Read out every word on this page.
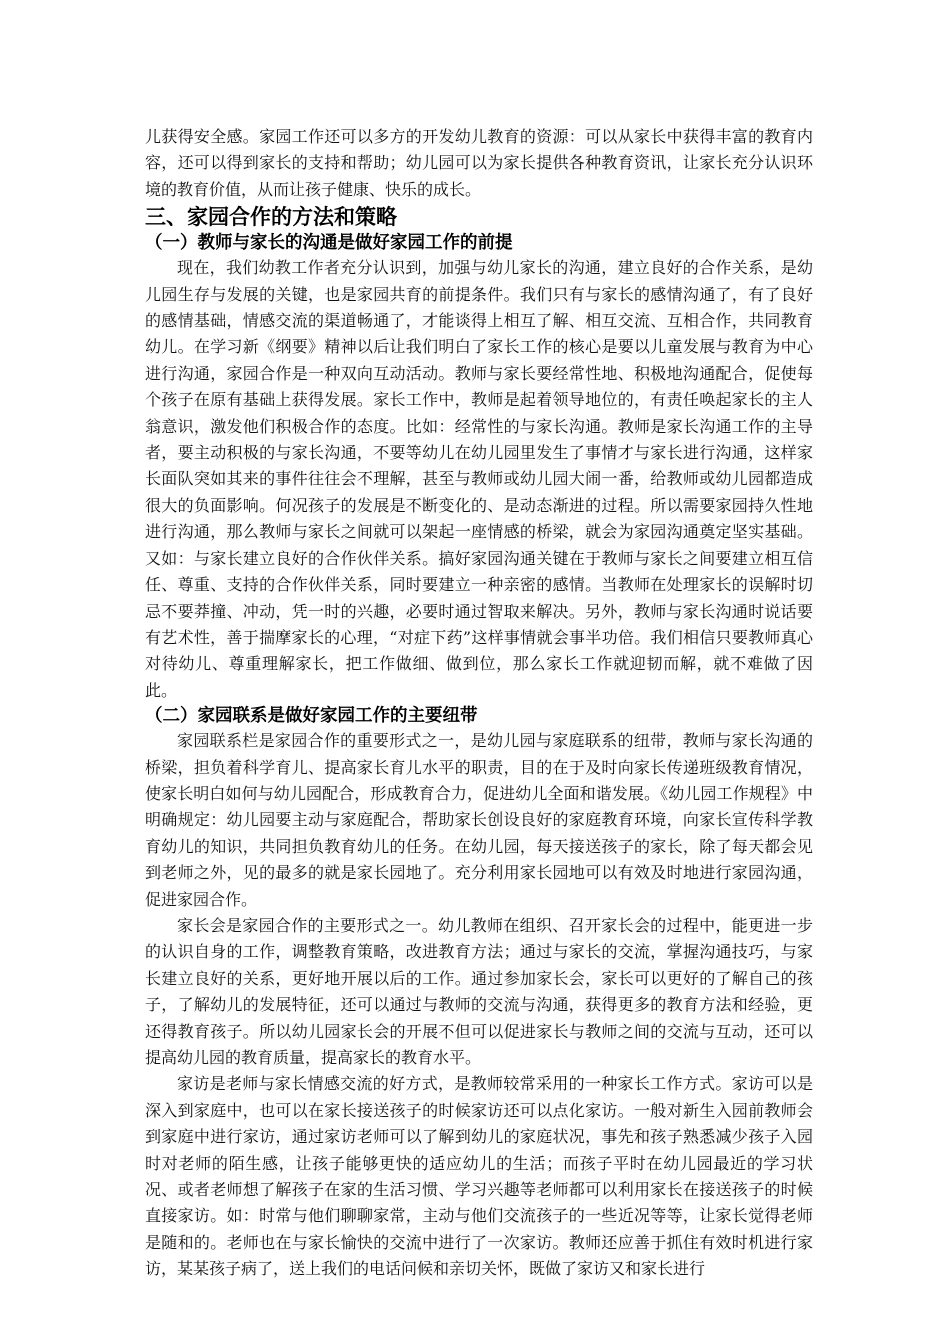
儿获得安全感。家园工作还可以多方的开发幼儿教育的资源：可以从家长中获得丰富的教育内容，还可以得到家长的支持和帮助；幼儿园可以为家长提供各种教育资讯，让家长充分认识环境的教育价值，从而让孩子健康、快乐的成长。

三、家园合作的方法和策略
（一）教师与家长的沟通是做好家园工作的前提

现在，我们幼教工作者充分认识到，加强与幼儿家长的沟通，建立良好的合作关系，是幼儿园生存与发展的关键，也是家园共育的前提条件。我们只有与家长的感情沟通了，有了良好的感情基础，情感交流的渠道畅通了，才能谈得上相互了解、相互交流、互相合作，共同教育幼儿。在学习新《纲要》精神以后让我们明白了家长工作的核心是要以儿童发展与教育为中心进行沟通，家园合作是一种双向互动活动。教师与家长要经常性地、积极地沟通配合，促使每个孩子在原有基础上获得发展。家长工作中，教师是起着领导地位的，有责任唤起家长的主人翁意识，激发他们积极合作的态度。比如：经常性的与家长沟通。教师是家长沟通工作的主导者，要主动积极的与家长沟通，不要等幼儿在幼儿园里发生了事情才与家长进行沟通，这样家长面队突如其来的事件往往会不理解，甚至与教师或幼儿园大闹一番，给教师或幼儿园都造成很大的负面影响。何况孩子的发展是不断变化的、是动态渐进的过程。所以需要家园持久性地进行沟通，那么教师与家长之间就可以架起一座情感的桥梁，就会为家园沟通奠定坚实基础。又如：与家长建立良好的合作伙伴关系。搞好家园沟通关键在于教师与家长之间要建立相互信任、尊重、支持的合作伙伴关系，同时要建立一种亲密的感情。当教师在处理家长的误解时切忌不要莽撞、冲动，凭一时的兴趣，必要时通过智取来解决。另外，教师与家长沟通时说话要有艺术性，善于揣摩家长的心理，“对症下药”这样事情就会事半功倍。我们相信只要教师真心对待幼儿、尊重理解家长，把工作做细、做到位，那么家长工作就迎韧而解，就不难做了因此。

（二）家园联系是做好家园工作的主要纽带

家园联系栏是家园合作的重要形式之一，是幼儿园与家庭联系的纽带，教师与家长沟通的桥梁，担负着科学育儿、提高家长育儿水平的职责，目的在于及时向家长传递班级教育情况，使家长明白如何与幼儿园配合，形成教育合力，促进幼儿全面和谐发展。《幼儿园工作规程》中明确规定：幼儿园要主动与家庭配合，帮助家长创设良好的家庭教育环境，向家长宣传科学教育幼儿的知识，共同担负教育幼儿的任务。在幼儿园，每天接送孩子的家长，除了每天都会见到老师之外，见的最多的就是家长园地了。充分利用家长园地可以有效及时地进行家园沟通，促进家园合作。

家长会是家园合作的主要形式之一。幼儿教师在组织、召开家长会的过程中，能更进一步的认识自身的工作，调整教育策略，改进教育方法；通过与家长的交流，掌握沟通技巧，与家长建立良好的关系，更好地开展以后的工作。通过参加家长会，家长可以更好的了解自己的孩子，了解幼儿的发展特征，还可以通过与教师的交流与沟通，获得更多的教育方法和经验，更还得教育孩子。所以幼儿园家长会的开展不但可以促进家长与教师之间的交流与互动，还可以提高幼儿园的教育质量，提高家长的教育水平。

家访是老师与家长情感交流的好方式，是教师较常采用的一种家长工作方式。家访可以是深入到家庭中，也可以在家长接送孩子的时候家访还可以点化家访。一般对新生入园前教师会到家庭中进行家访，通过家访老师可以了解到幼儿的家庭状况，事先和孩子熟悉减少孩子入园时对老师的陌生感，让孩子能够更快的适应幼儿的生活；而孩子平时在幼儿园最近的学习状况、或者老师想了解孩子在家的生活习惯、学习兴趣等老师都可以利用家长在接送孩子的时候直接家访。如：时常与他们聊聊家常，主动与他们交流孩子的一些近况等等，让家长觉得老师是随和的。老师也在与家长愉快的交流中进行了一次家访。教师还应善于抓住有效时机进行家访，某某孩子病了，送上我们的电话问候和亲切关怀，既做了家访又和家长进行
